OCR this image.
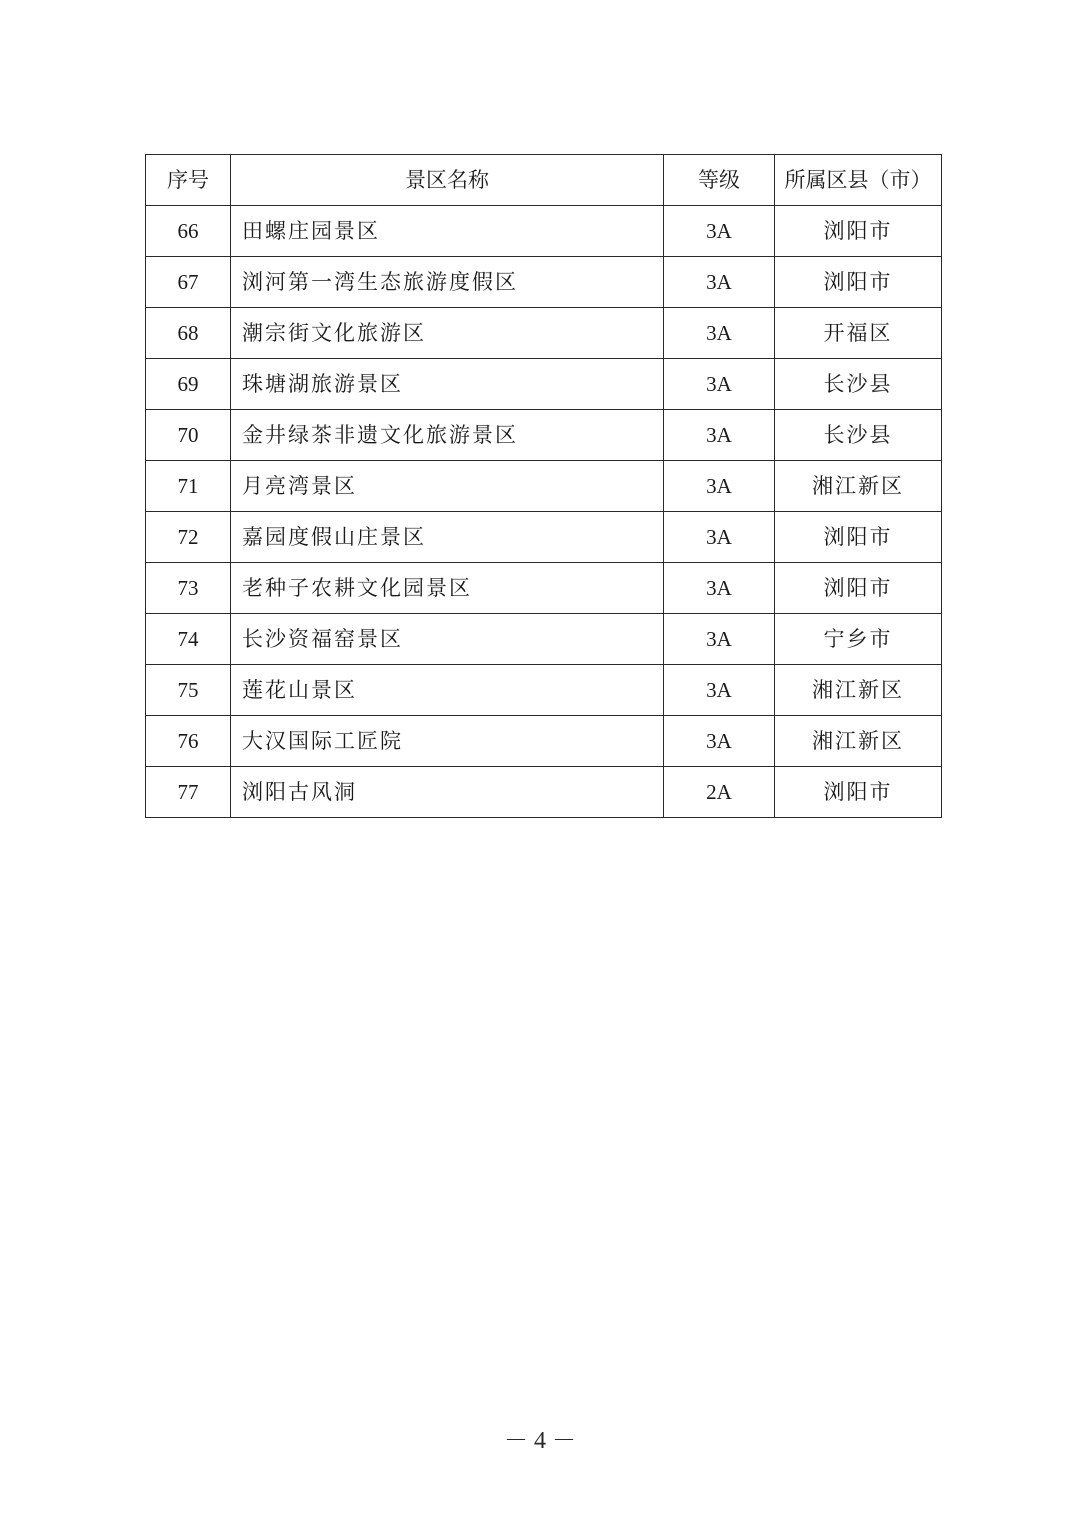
序号	景区名称	等级	所属区县（市）
66	田螺庄园景区	3A	浏阳市
67	浏河第一湾生态旅游度假区	3A	浏阳市
68	潮宗街文化旅游区	3A	开福区
69	珠塘湖旅游景区	3A	长沙县
70	金井绿茶非遗文化旅游景区	3A	长沙县
71	月亮湾景区	3A	湘江新区
72	嘉园度假山庄景区	3A	浏阳市
73	老种子农耕文化园景区	3A	浏阳市
74	长沙资福窑景区	3A	宁乡市
75	莲花山景区	3A	湘江新区
76	大汉国际工匠院	3A	湘江新区
77	浏阳古风洞	2A	浏阳市
－ 4 －
